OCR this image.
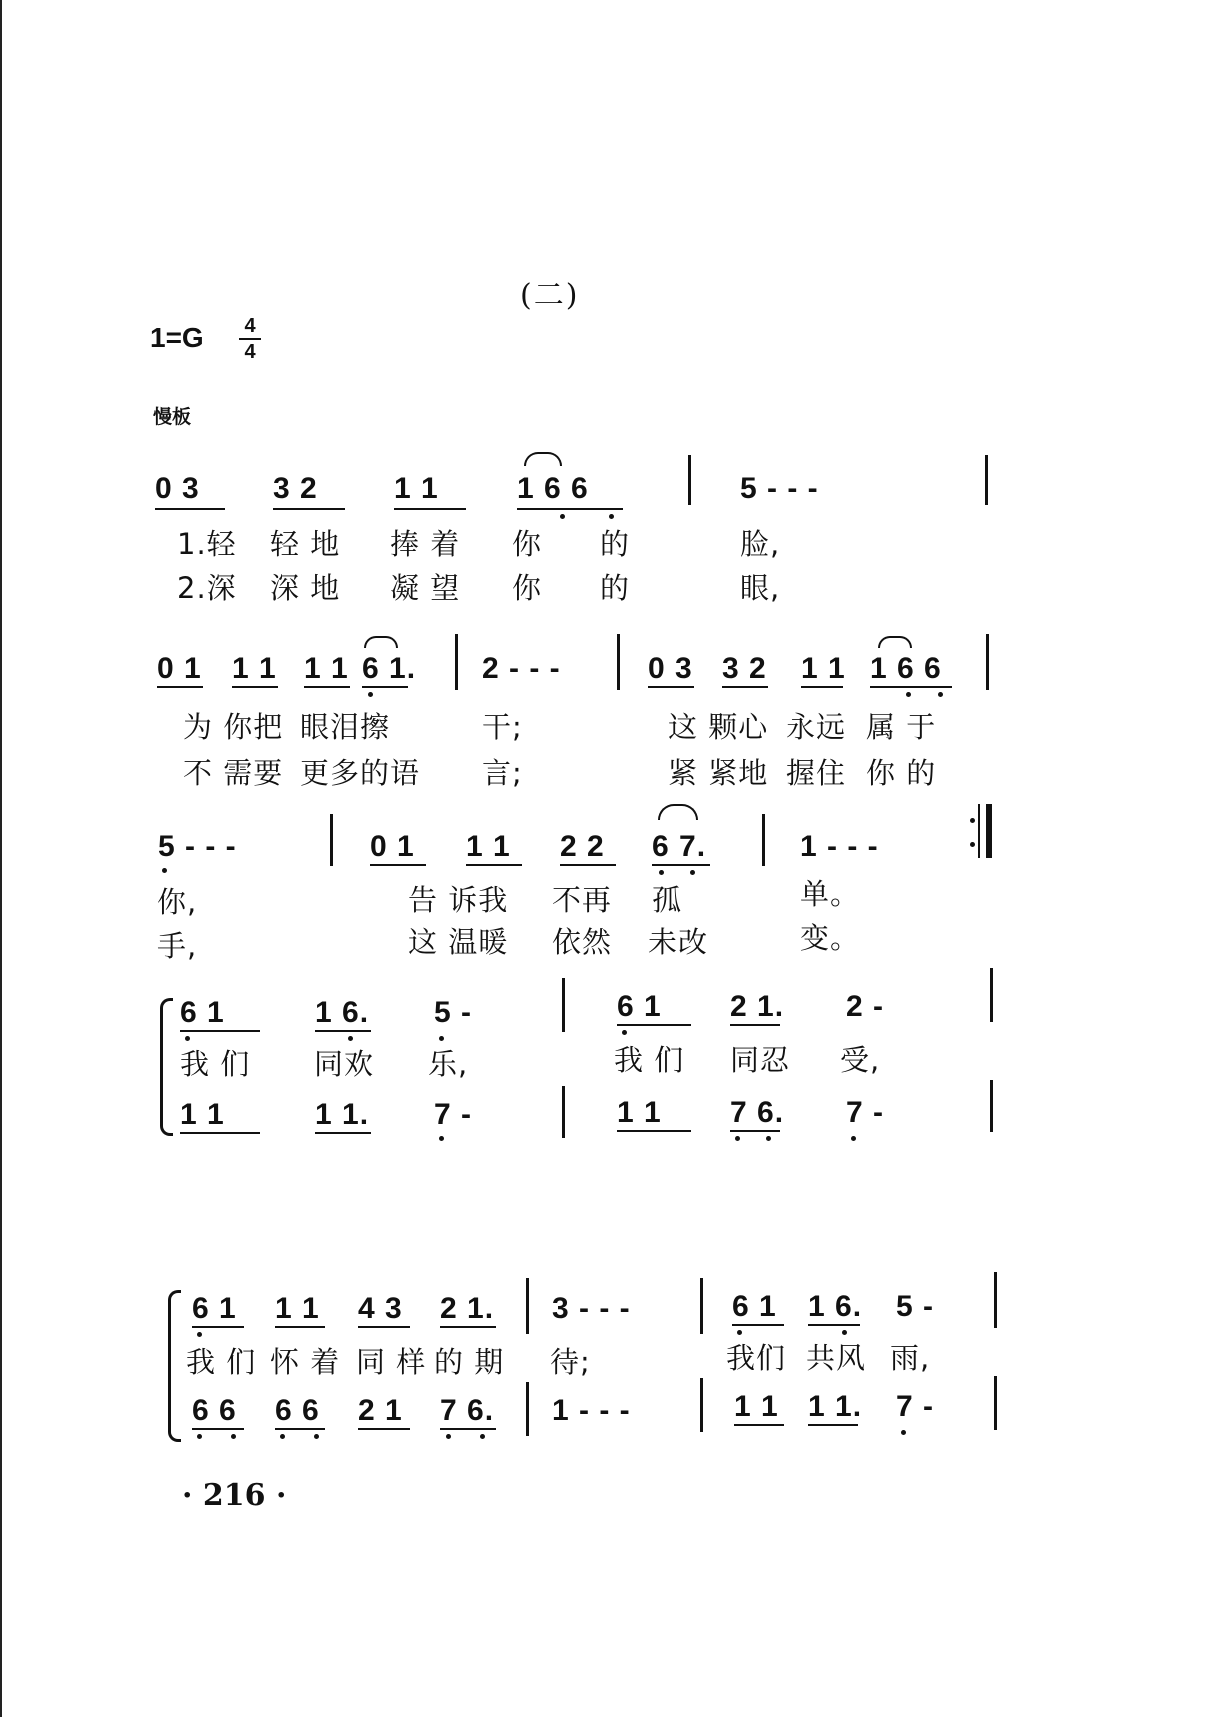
(二)
1=G	4
4
慢板
0 3 3 2	1 1	1 6 6	5 - - -
1.轻 轻 地 捧 着 你 的	脸,
2.深 深 地 凝 望 你 的	眼,
0 1 1 1 1 1 6 1. 2 - - -	0 3 3 2 1 1 1 6 6
为 你把 眼泪擦	干;	这 颗心 永远 属 于
不 需要 更多的语 言;	紧 紧地 握住 你 的
5 - - -	0 1 1 1 2 2 6 7.	1 - - -
你,	告 诉我 不再 孤	单。
手,	这 温暖 依然 未改	变。
6 1	1 6. 5 -	6 1 2 1. 2 -
我 们 同欢 乐,	我 们 同忍 受,
1 1	1 1. 7 -	1 1 7 6. 7 -
6 1 1 1 4 3 2 1. 3 - - -	6 1 1 6. 5 -
我 们 怀 着 同 样 的 期 待;	我们 共风 雨,
6 6 6 6 2 1 7 6. 1 - - -	1 1 1 1. 7 -
· 216 ·
